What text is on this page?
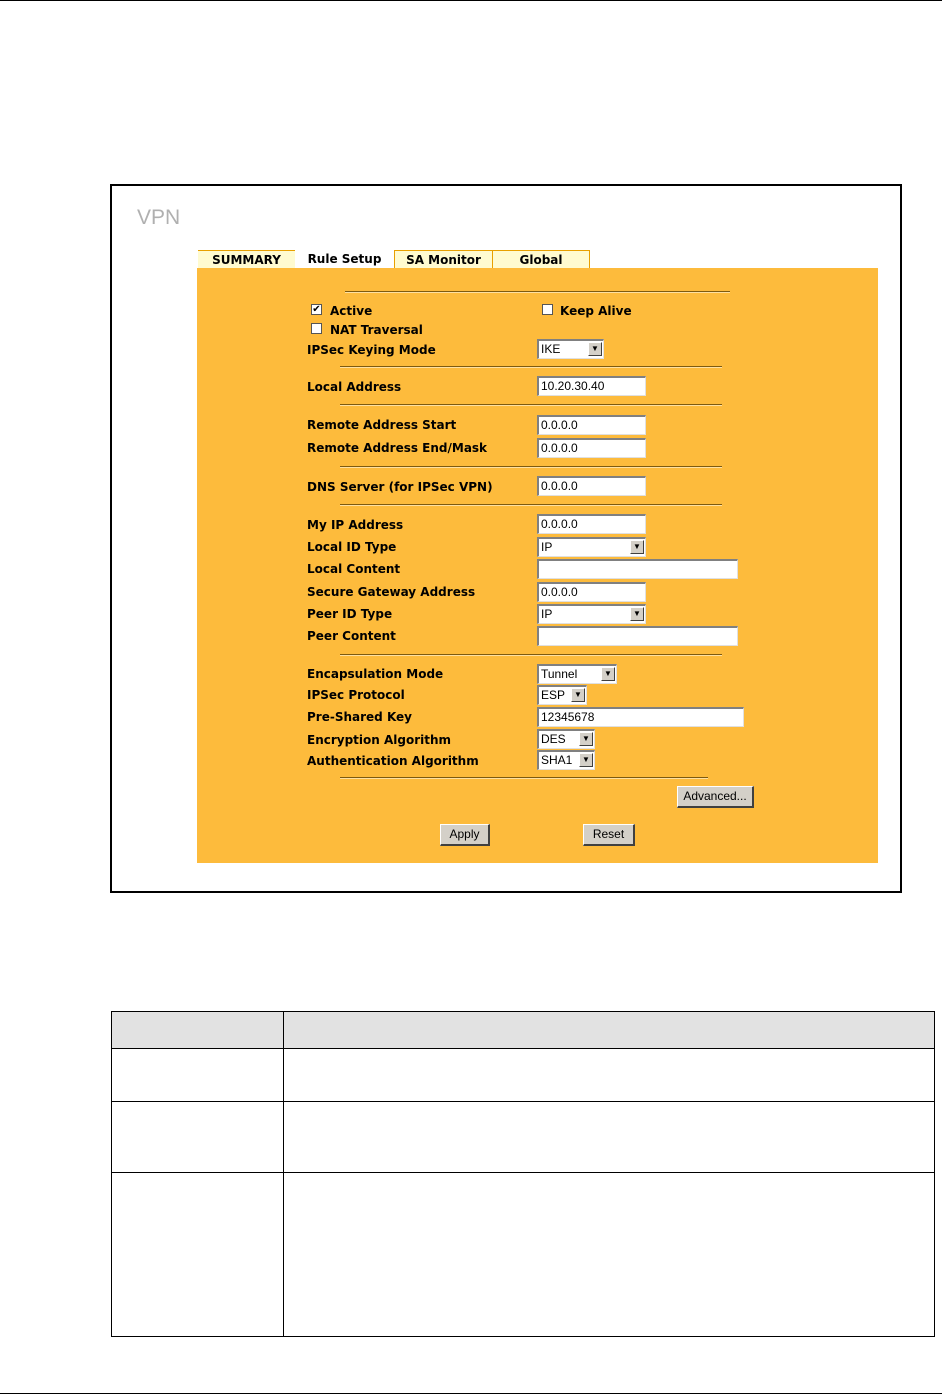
VPN
SUMMARY	Rule Setup	SA Monitor	Global
✔ Active	Keep Alive
NAT Traversal
IPSec Keying Mode	IKE	▼
Local Address	10.20.30.40
Remote Address Start	0.0.0.0
Remote Address End/Mask	0.0.0.0
DNS Server (for IPSec VPN)	0.0.0.0
My IP Address	0.0.0.0
Local ID Type	IP	▼
Local Content
Secure Gateway Address	0.0.0.0
Peer ID Type	IP	▼
Peer Content
Encapsulation Mode	Tunnel	▼
IPSec Protocol	ESP	▼
Pre-Shared Key	12345678
Encryption Algorithm	DES	▼
Authentication Algorithm	SHA1	▼
Advanced...
Apply	Reset
